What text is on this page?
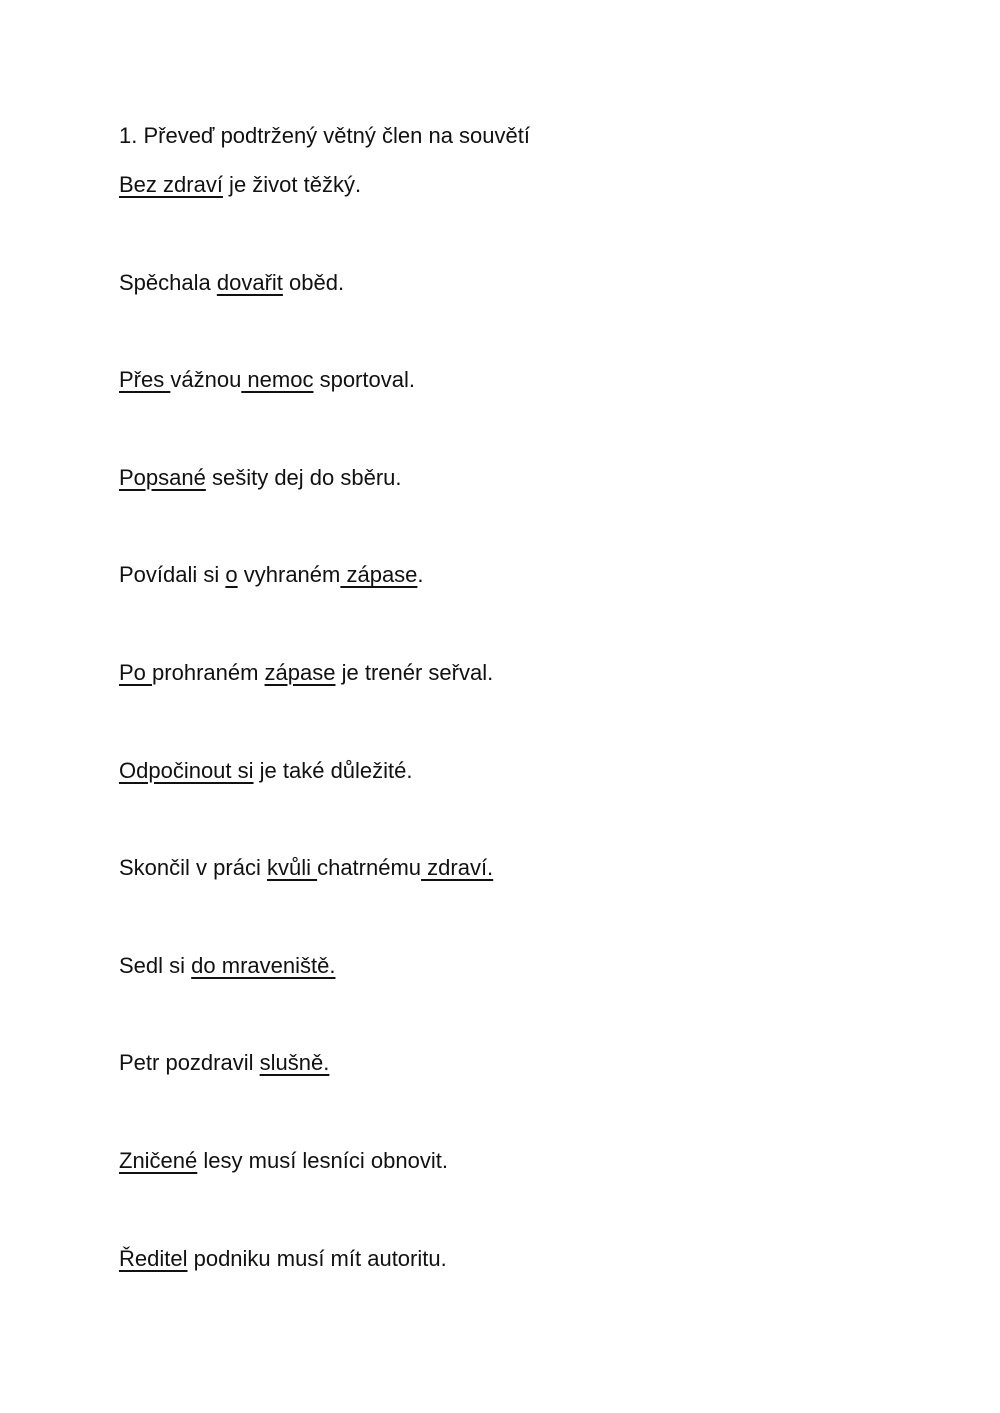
1. Převeď podtržený větný člen na souvětí
Bez zdraví je život těžký.
Spěchala dovařit oběd.
Přes vážnou nemoc sportoval.
Popsané sešity dej do sběru.
Povídali si o vyhraném zápase.
Po prohraném zápase je trenér seřval.
Odpočinout si je také důležité.
Skončil v práci kvůli chatrnému zdraví.
Sedl si do mraveniště.
Petr pozdravil slušně.
Zničené lesy musí lesníci obnovit.
Ředitel podniku musí mít autoritu.
